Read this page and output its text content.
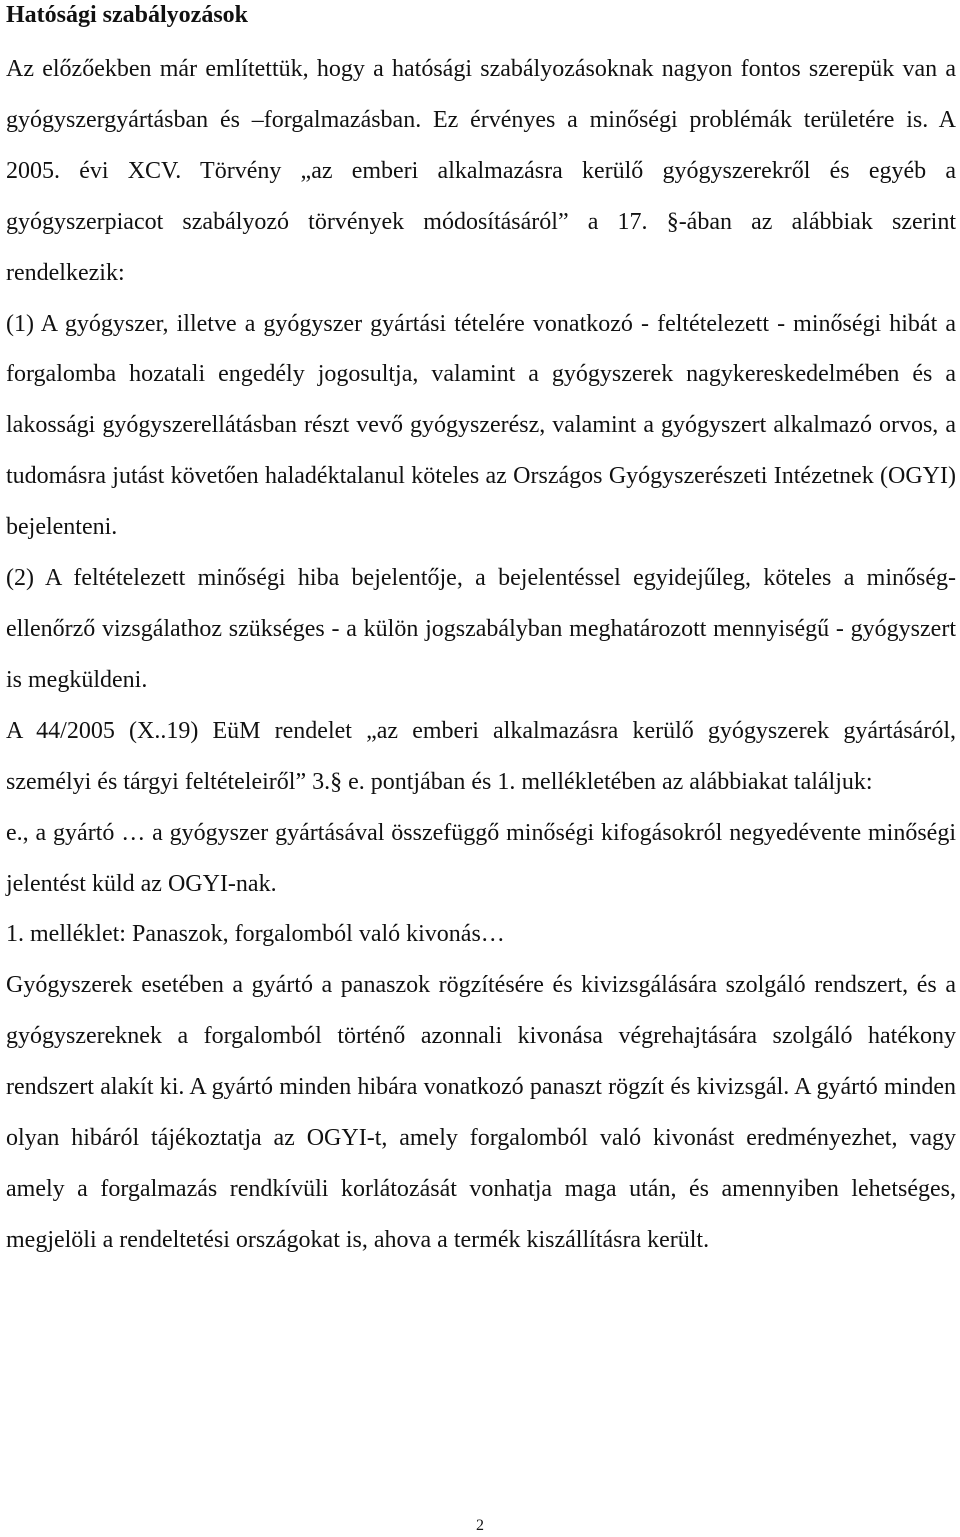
Hatósági szabályozások

Az előzőekben már említettük, hogy a hatósági szabályozásoknak nagyon fontos szerepük van a gyógyszergyártásban és –forgalmazásban. Ez érvényes a minőségi problémák területére is. A 2005. évi XCV. Törvény „az emberi alkalmazásra kerülő gyógyszerekről és egyéb a gyógyszerpiacot szabályozó törvények módosításáról” a 17. §-ában az alábbiak szerint rendelkezik:

(1) A gyógyszer, illetve a gyógyszer gyártási tételére vonatkozó - feltételezett - minőségi hibát a forgalomba hozatali engedély jogosultja, valamint a gyógyszerek nagykereskedelmében és a lakossági gyógyszerellátásban részt vevő gyógyszerész, valamint a gyógyszert alkalmazó orvos, a tudomásra jutást követően haladéktalanul köteles az Országos Gyógyszerészeti Intézetnek (OGYI) bejelenteni.

(2) A feltételezett minőségi hiba bejelentője, a bejelentéssel egyidejűleg, köteles a minőség-ellenőrző vizsgálathoz szükséges - a külön jogszabályban meghatározott mennyiségű - gyógyszert is megküldeni.

A 44/2005 (X..19) EüM rendelet „az emberi alkalmazásra kerülő gyógyszerek gyártásáról, személyi és tárgyi feltételeiről” 3.§ e. pontjában és 1. mellékletében az alábbiakat találjuk:

e., a gyártó … a gyógyszer gyártásával összefüggő minőségi kifogásokról negyedévente minőségi jelentést küld az OGYI-nak.

1. melléklet: Panaszok, forgalomból való kivonás…

Gyógyszerek esetében a gyártó a panaszok rögzítésére és kivizsgálására szolgáló rendszert, és a gyógyszereknek a forgalomból történő azonnali kivonása végrehajtására szolgáló hatékony rendszert alakít ki. A gyártó minden hibára vonatkozó panaszt rögzít és kivizsgál. A gyártó minden olyan hibáról tájékoztatja az OGYI-t, amely forgalomból való kivonást eredményezhet, vagy amely a forgalmazás rendkívüli korlátozását vonhatja maga után, és amennyiben lehetséges, megjelöli a rendeltetési országokat is, ahova a termék kiszállításra került.

2
